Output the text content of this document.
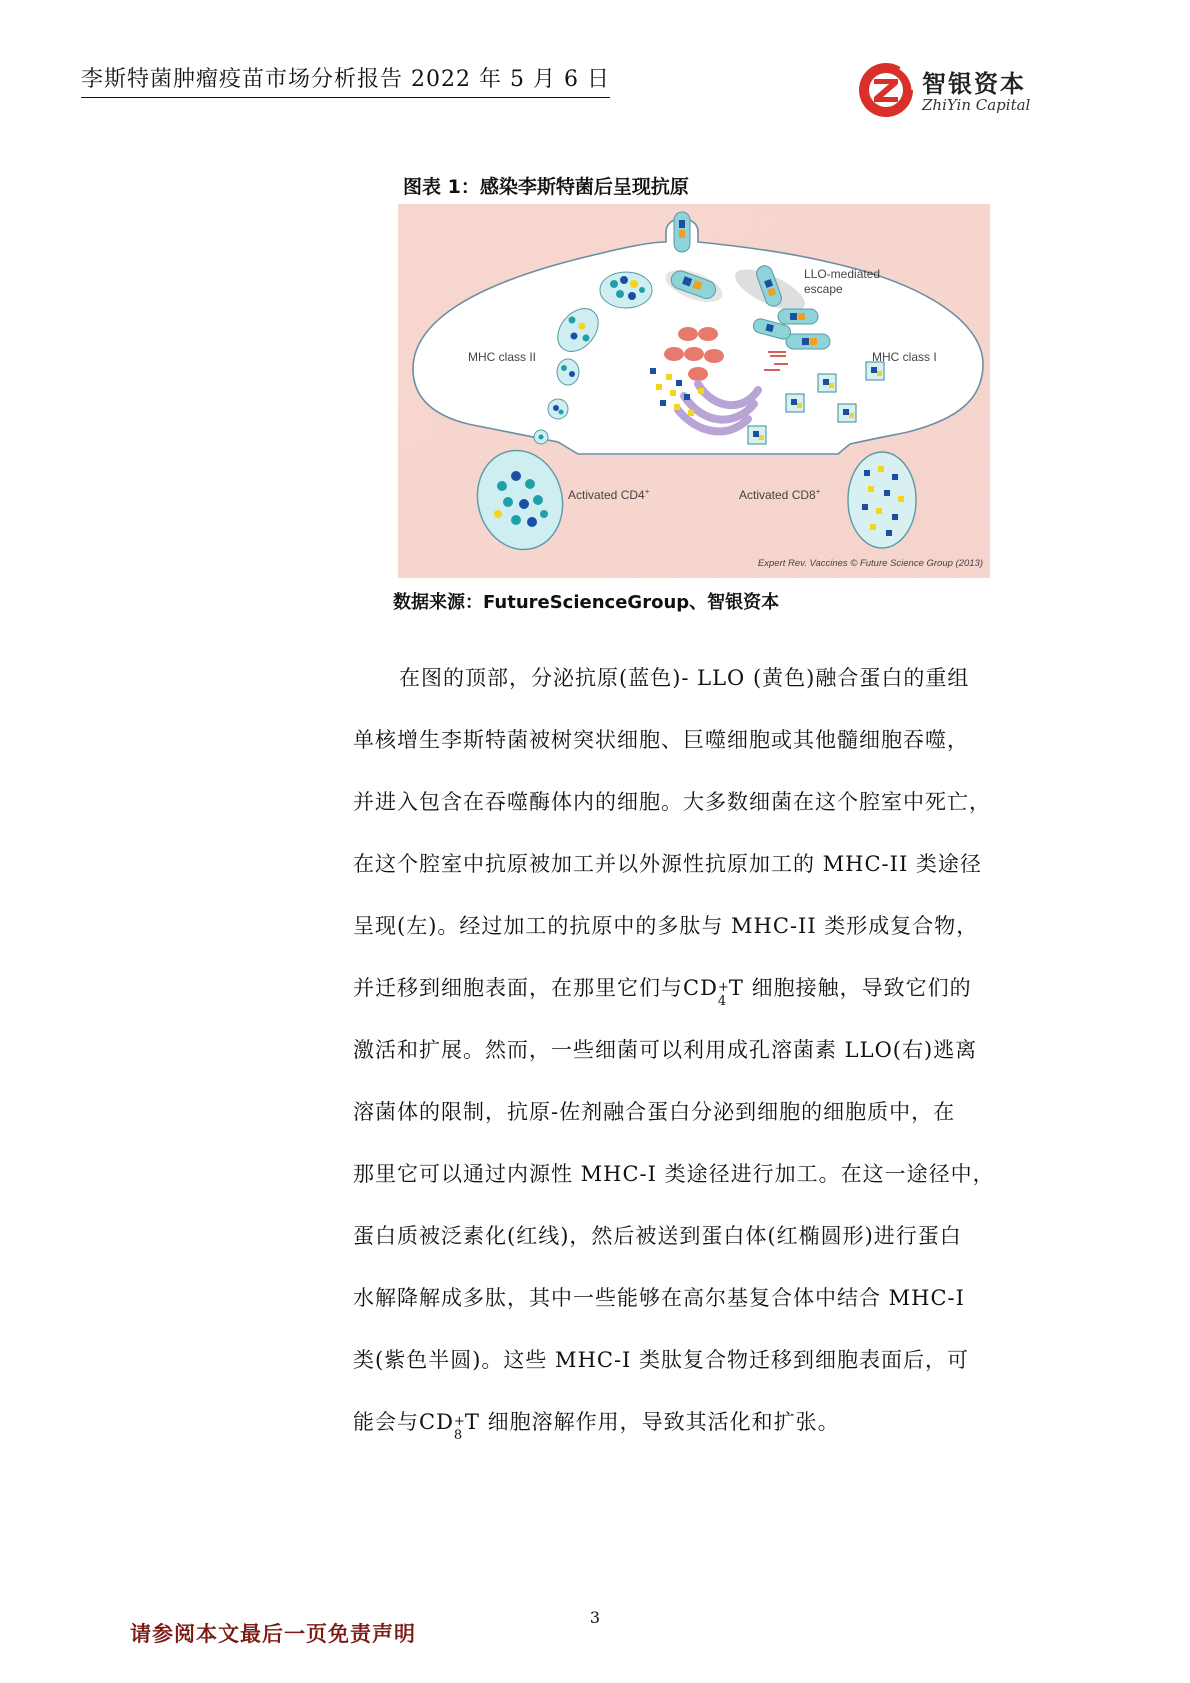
李斯特菌肿瘤疫苗市场分析报告 2022 年 5 月 6 日	智银资本
ZhiYin Capital
图表 1：感染李斯特菌后呈现抗原
LLO-mediated
escape
MHC class II	MHC class I
Activated CD4+	Activated CD8+
Expert Rev. Vaccines © Future Science Group (2013)
数据来源：FutureScienceGroup、智银资本
在图的顶部，分泌抗原(蓝色)- LLO (黄色)融合蛋白的重组
单核增生李斯特菌被树突状细胞、巨噬细胞或其他髓细胞吞噬，
并进入包含在吞噬酶体内的细胞。大多数细菌在这个腔室中死亡，
在这个腔室中抗原被加工并以外源性抗原加工的 MHC-II 类途径
呈现(左)。经过加工的抗原中的多肽与 MHC-II 类形成复合物，
并迁移到细胞表面，在那里它们与CD +
4
T 细胞接触，导致它们的
激活和扩展。然而，一些细菌可以利用成孔溶菌素 LLO(右)逃离
溶菌体的限制，抗原-佐剂融合蛋白分泌到细胞的细胞质中，在
那里它可以通过内源性 MHC-I 类途径进行加工。在这一途径中，
蛋白质被泛素化(红线)，然后被送到蛋白体(红椭圆形)进行蛋白
水解降解成多肽，其中一些能够在高尔基复合体中结合 MHC-I
类(紫色半圆)。这些 MHC-I 类肽复合物迁移到细胞表面后，可
能会与CD +
8
T 细胞溶解作用，导致其活化和扩张。
3
请参阅本文最后一页免责声明
